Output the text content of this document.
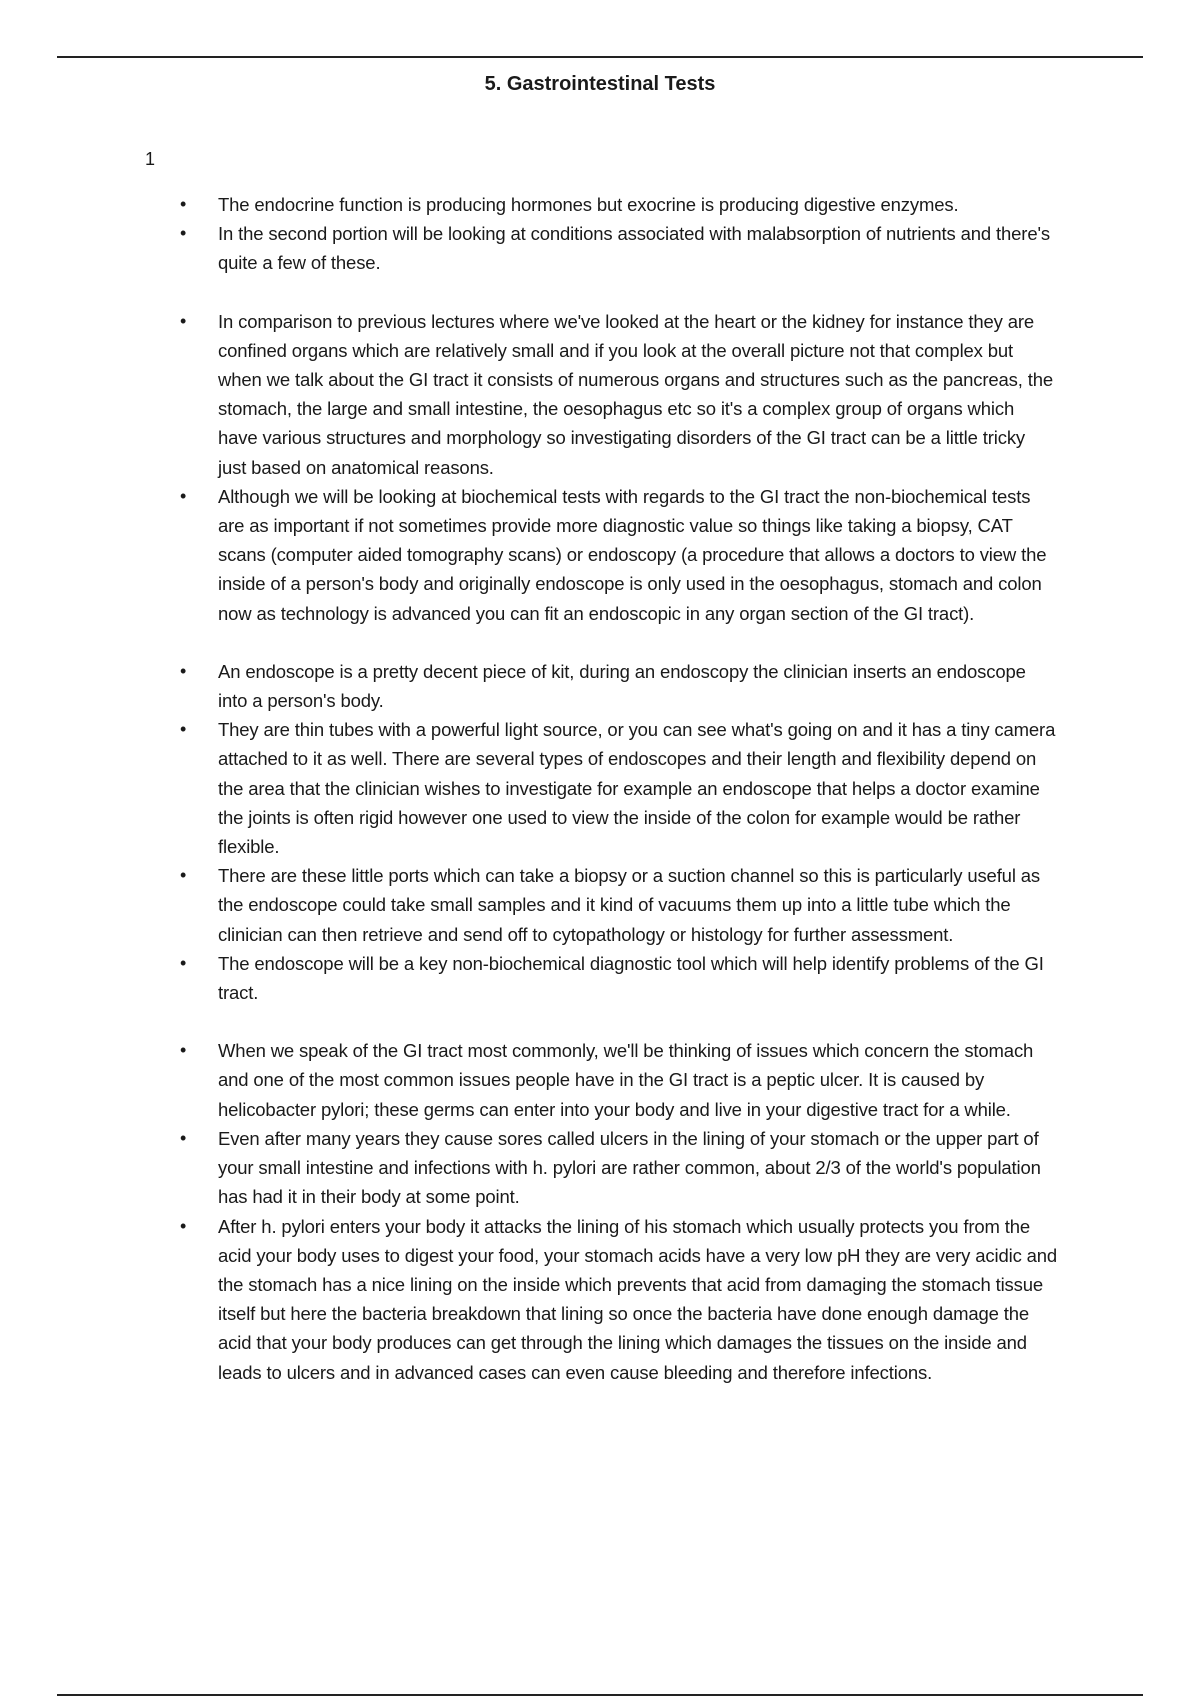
5. Gastrointestinal Tests
1
• The endocrine function is producing hormones but exocrine is producing digestive enzymes.
• In the second portion will be looking at conditions associated with malabsorption of nutrients and there's quite a few of these.
• In comparison to previous lectures where we've looked at the heart or the kidney for instance they are confined organs which are relatively small and if you look at the overall picture not that complex but when we talk about the GI tract it consists of numerous organs and structures such as the pancreas, the stomach, the large and small intestine, the oesophagus etc so it's a complex group of organs which have various structures and morphology so investigating disorders of the GI tract can be a little tricky just based on anatomical reasons.
• Although we will be looking at biochemical tests with regards to the GI tract the non-biochemical tests are as important if not sometimes provide more diagnostic value so things like taking a biopsy, CAT scans (computer aided tomography scans) or endoscopy (a procedure that allows a doctors to view the inside of a person's body and originally endoscope is only used in the oesophagus, stomach and colon now as technology is advanced you can fit an endoscopic in any organ section of the GI tract).
• An endoscope is a pretty decent piece of kit, during an endoscopy the clinician inserts an endoscope into a person's body.
• They are thin tubes with a powerful light source, or you can see what's going on and it has a tiny camera attached to it as well. There are several types of endoscopes and their length and flexibility depend on the area that the clinician wishes to investigate for example an endoscope that helps a doctor examine the joints is often rigid however one used to view the inside of the colon for example would be rather flexible.
• There are these little ports which can take a biopsy or a suction channel so this is particularly useful as the endoscope could take small samples and it kind of vacuums them up into a little tube which the clinician can then retrieve and send off to cytopathology or histology for further assessment.
• The endoscope will be a key non-biochemical diagnostic tool which will help identify problems of the GI tract.
• When we speak of the GI tract most commonly, we'll be thinking of issues which concern the stomach and one of the most common issues people have in the GI tract is a peptic ulcer. It is caused by helicobacter pylori; these germs can enter into your body and live in your digestive tract for a while.
• Even after many years they cause sores called ulcers in the lining of your stomach or the upper part of your small intestine and infections with h. pylori are rather common, about 2/3 of the world's population has had it in their body at some point.
• After h. pylori enters your body it attacks the lining of his stomach which usually protects you from the acid your body uses to digest your food, your stomach acids have a very low pH they are very acidic and the stomach has a nice lining on the inside which prevents that acid from damaging the stomach tissue itself but here the bacteria breakdown that lining so once the bacteria have done enough damage the acid that your body produces can get through the lining which damages the tissues on the inside and leads to ulcers and in advanced cases can even cause bleeding and therefore infections.
